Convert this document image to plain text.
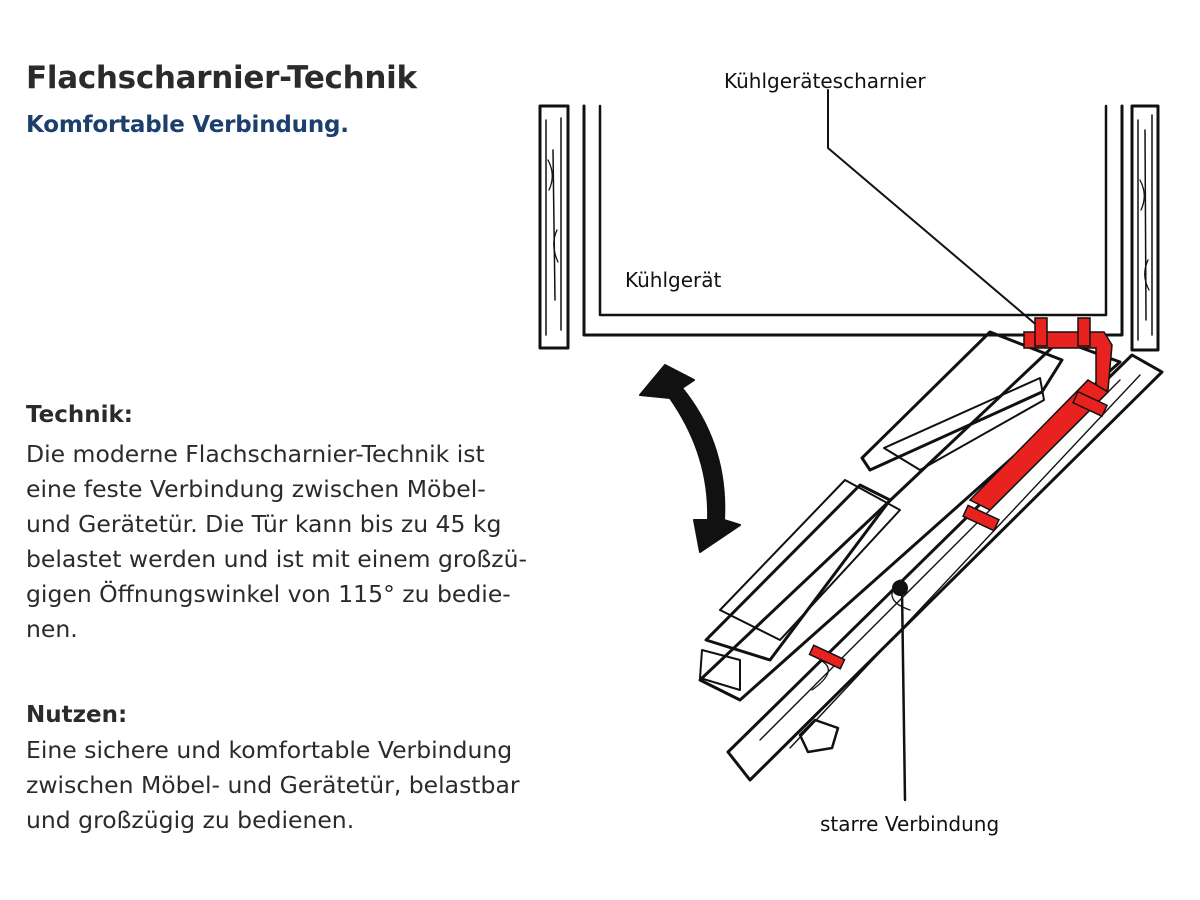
Flachscharnier-Technik
Komfortable Verbindung.
Technik:

Die moderne Flachscharnier-Technik ist
eine feste Verbindung zwischen Möbel-
und Gerätetür. Die Tür kann bis zu 45 kg
belastet werden und ist mit einem großzü-
gigen Öffnungswinkel von 115° zu bedie-
nen.

Nutzen:

Eine sichere und komfortable Verbindung
zwischen Möbel- und Gerätetür, belastbar
und großzügig zu bedienen.

Kühlgerätescharnier
Kühlgerät
starre Verbindung
